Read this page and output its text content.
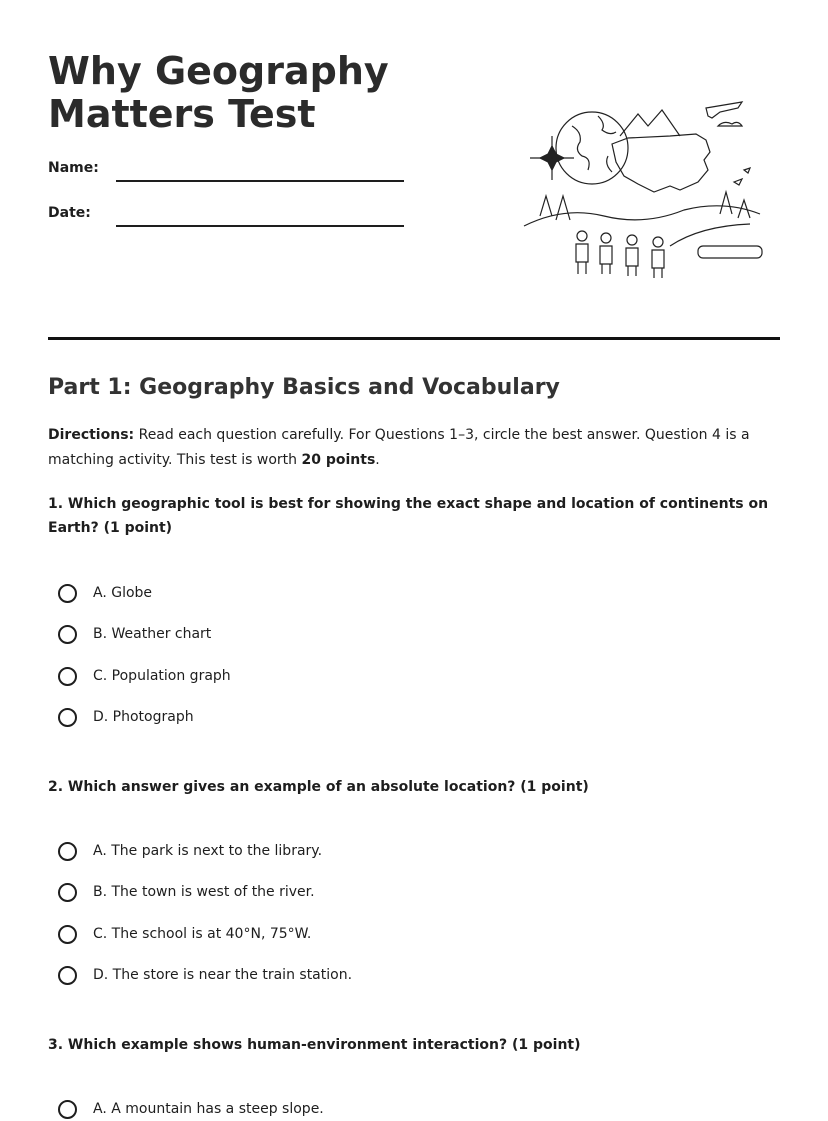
Why Geography
Matters Test
Name:
Date:
Part 1: Geography Basics and Vocabulary
Directions: Read each question carefully. For Questions 1–3, circle the best answer. Question 4 is a matching activity. This test is worth 20 points.
1. Which geographic tool is best for showing the exact shape and location of continents on Earth? (1 point)
A. Globe
B. Weather chart
C. Population graph
D. Photograph
2. Which answer gives an example of an absolute location? (1 point)
A. The park is next to the library.
B. The town is west of the river.
C. The school is at 40°N, 75°W.
D. The store is near the train station.
3. Which example shows human-environment interaction? (1 point)
A. A mountain has a steep slope.
